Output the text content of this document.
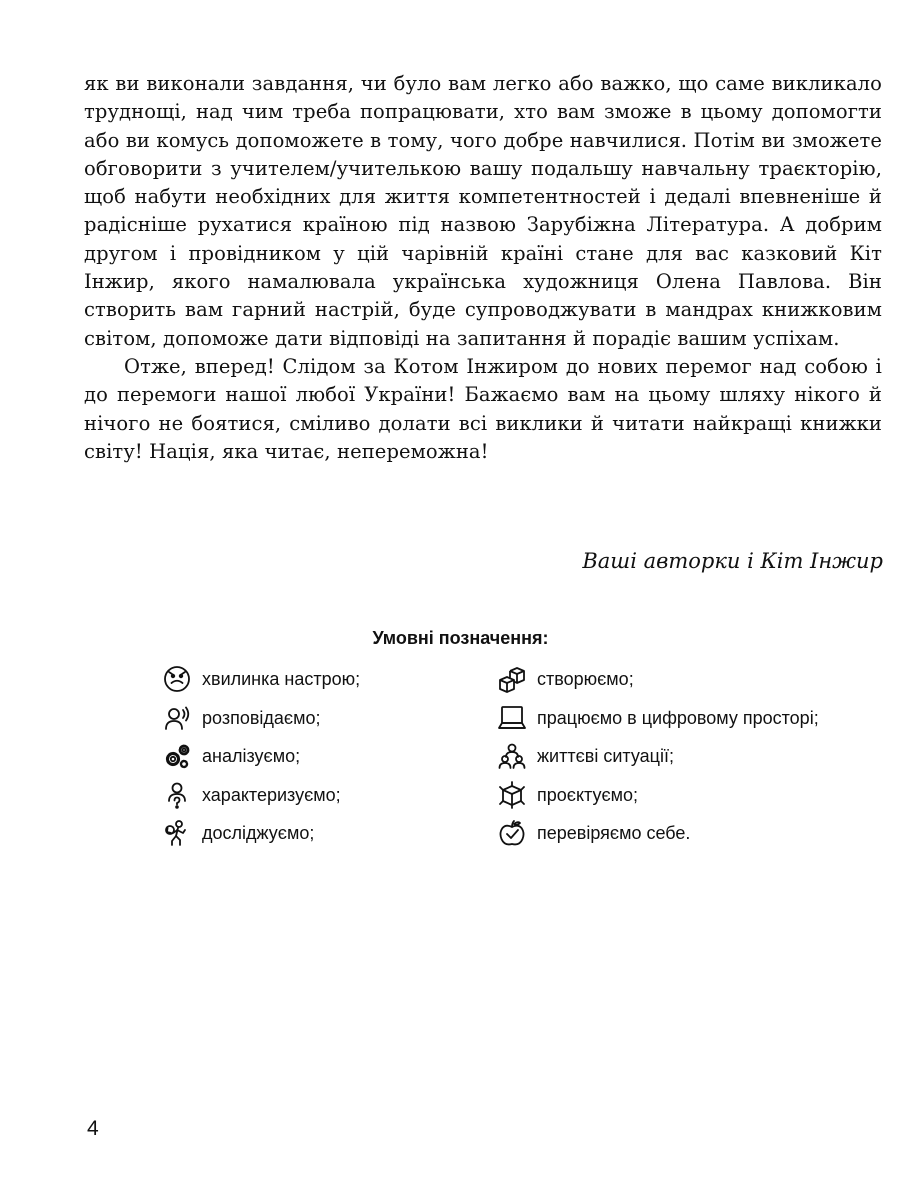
як ви виконали завдання, чи було вам легко або важко, що саме викликало труднощі, над чим треба попрацювати, хто вам зможе в цьому допомогти або ви комусь допоможете в тому, чого добре навчилися. Потім ви зможете обговорити з учителем/учителькою вашу подальшу навчальну траєкторію, щоб набути необхідних для життя компетентностей і дедалі впевненіше й радісніше рухатися країною під назвою Зарубіжна Література. А добрим другом і провідником у цій чарівній країні стане для вас казковий Кіт Інжир, якого намалювала українська художниця Олена Павлова. Він створить вам гарний настрій, буде супроводжувати в мандрах книжковим світом, допоможе дати відповіді на запитання й порадіє вашим успіхам.

Отже, вперед! Слідом за Котом Інжиром до нових перемог над собою і до перемоги нашої любої України! Бажаємо вам на цьому шляху нікого й нічого не боятися, сміливо долати всі виклики й читати найкращі книжки світу! Нація, яка читає, непереможна!

Ваші авторки і Кіт Інжир
Умовні позначення:
хвилинка настрою;
розповідаємо;
аналізуємо;
характеризуємо;
досліджуємо;
створюємо;
працюємо в цифровому просторі;
життєві ситуації;
проєктуємо;
перевіряємо себе.
4
